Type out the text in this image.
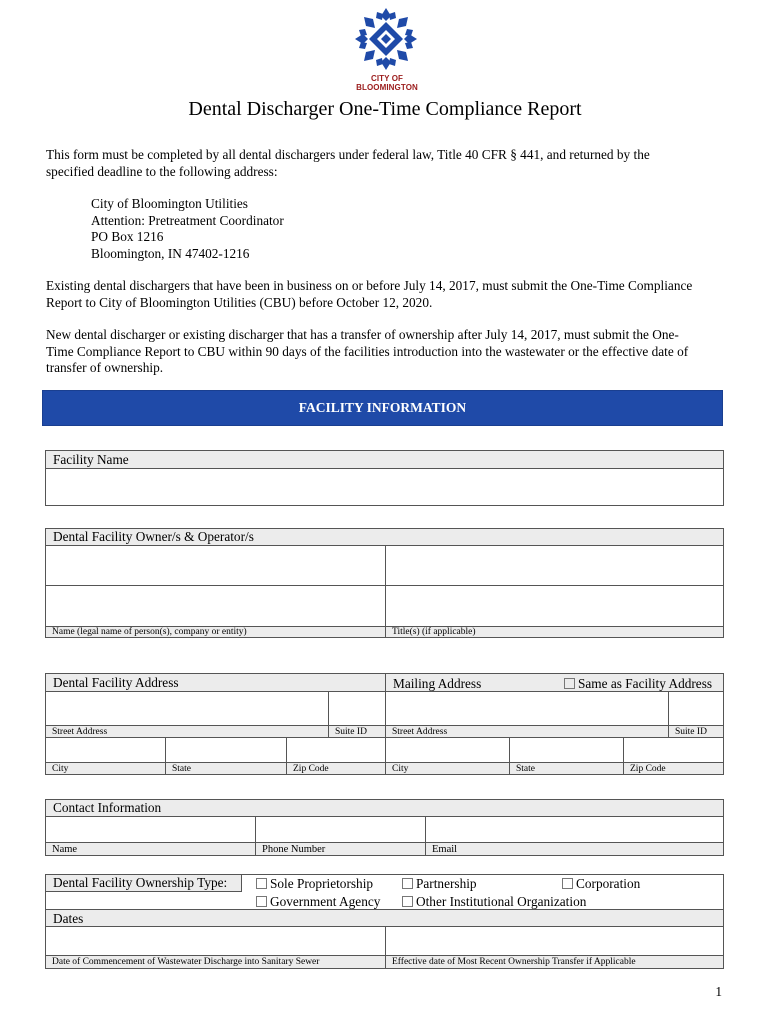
CITY OF BLOOMINGTON
Dental Discharger One-Time Compliance Report
This form must be completed by all dental dischargers under federal law, Title 40 CFR § 441, and returned by the
specified deadline to the following address:
City of Bloomington Utilities
Attention: Pretreatment Coordinator
PO Box 1216
Bloomington, IN 47402-1216
Existing dental dischargers that have been in business on or before July 14, 2017, must submit the One-Time Compliance
Report to City of Bloomington Utilities (CBU) before October 12, 2020.
New dental discharger or existing discharger that has a transfer of ownership after July 14, 2017, must submit the One-
Time Compliance Report to CBU within 90 days of the facilities introduction into the wastewater or the effective date of
transfer of ownership.
FACILITY INFORMATION
Facility Name
Dental Facility Owner/s & Operator/s
Name (legal name of person(s), company or entity)	Title(s) (if applicable)
Dental Facility Address	Mailing Address	Same as Facility Address
Street Address	Suite ID	Street Address	Suite ID
City	State	Zip Code	City	State	Zip Code
Contact Information
Name	Phone Number	Email
Dental Facility Ownership Type:	Sole Proprietorship	Partnership	Corporation
Government Agency	Other Institutional Organization
Dates
Date of Commencement of Wastewater Discharge into Sanitary Sewer	Effective date of Most Recent Ownership Transfer if Applicable
1
